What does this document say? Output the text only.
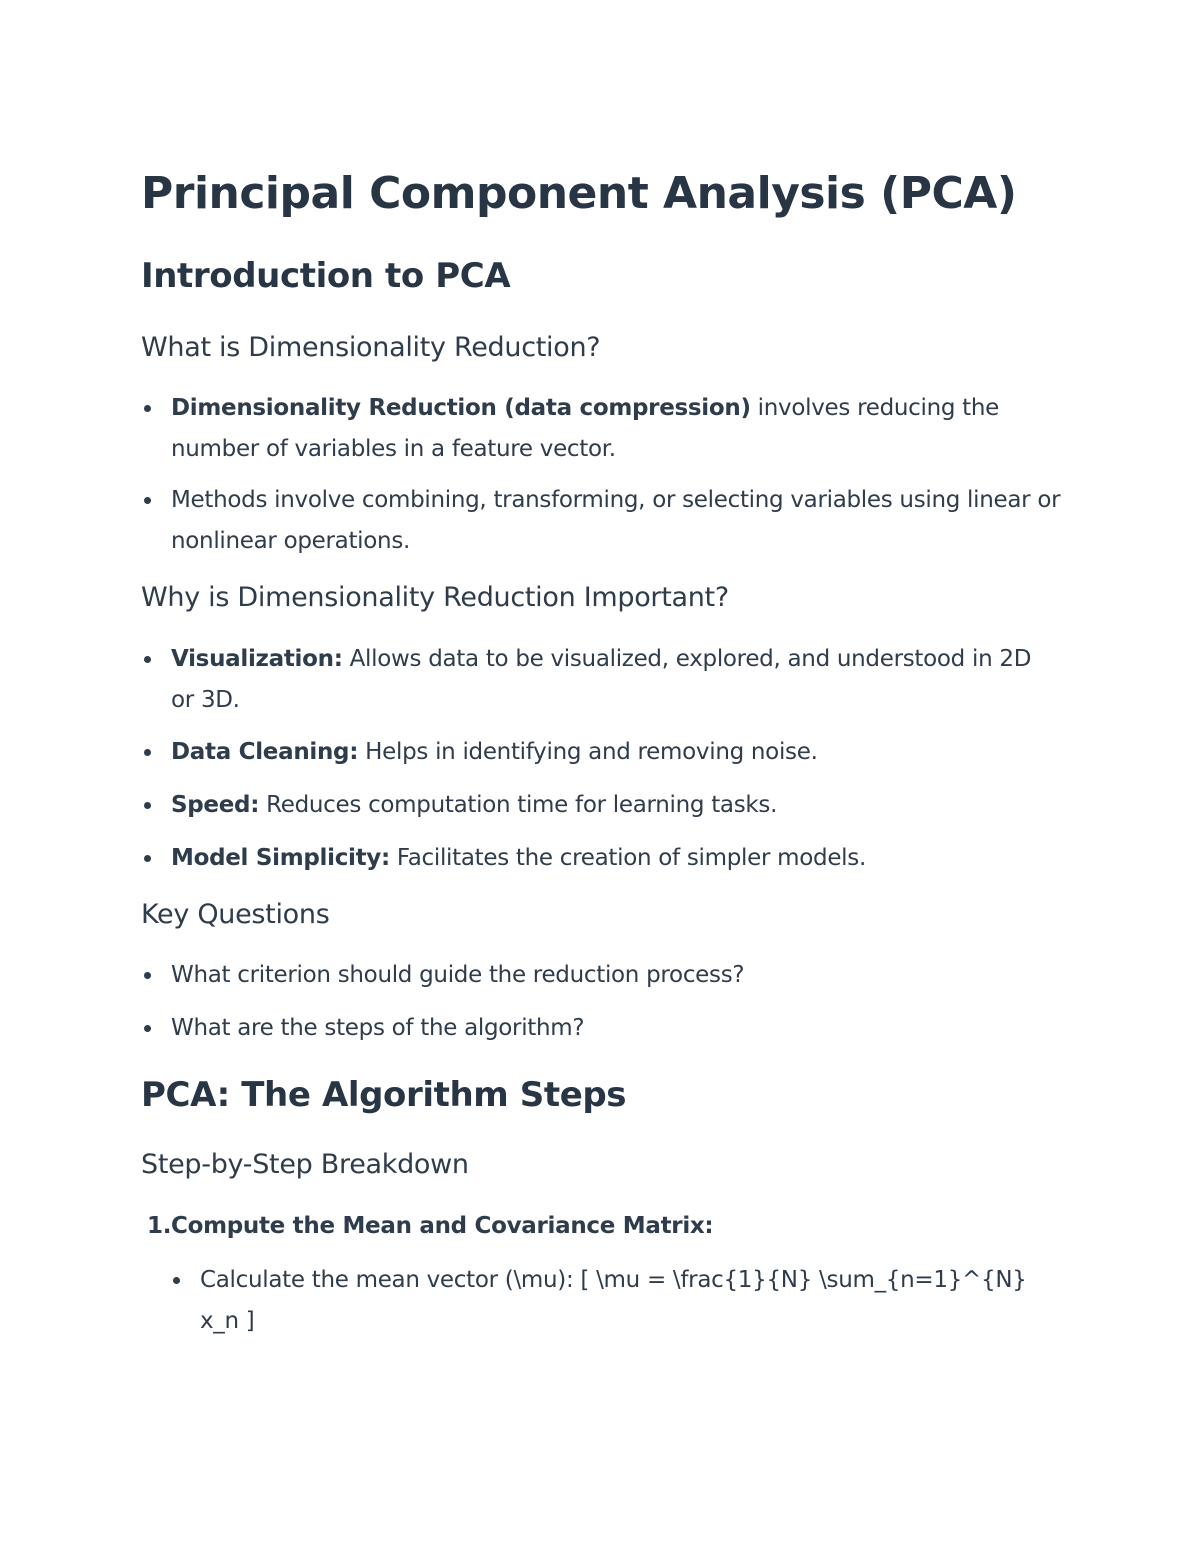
Principal Component Analysis (PCA)
Introduction to PCA
What is Dimensionality Reduction?
Dimensionality Reduction (data compression) involves reducing the number of variables in a feature vector.
Methods involve combining, transforming, or selecting variables using linear or nonlinear operations.
Why is Dimensionality Reduction Important?
Visualization: Allows data to be visualized, explored, and understood in 2D or 3D.
Data Cleaning: Helps in identifying and removing noise.
Speed: Reduces computation time for learning tasks.
Model Simplicity: Facilitates the creation of simpler models.
Key Questions
What criterion should guide the reduction process?
What are the steps of the algorithm?
PCA: The Algorithm Steps
Step-by-Step Breakdown
1. Compute the Mean and Covariance Matrix:
Calculate the mean vector (\mu): [ \mu = \frac{1}{N} \sum_{n=1}^{N} x_n ]
